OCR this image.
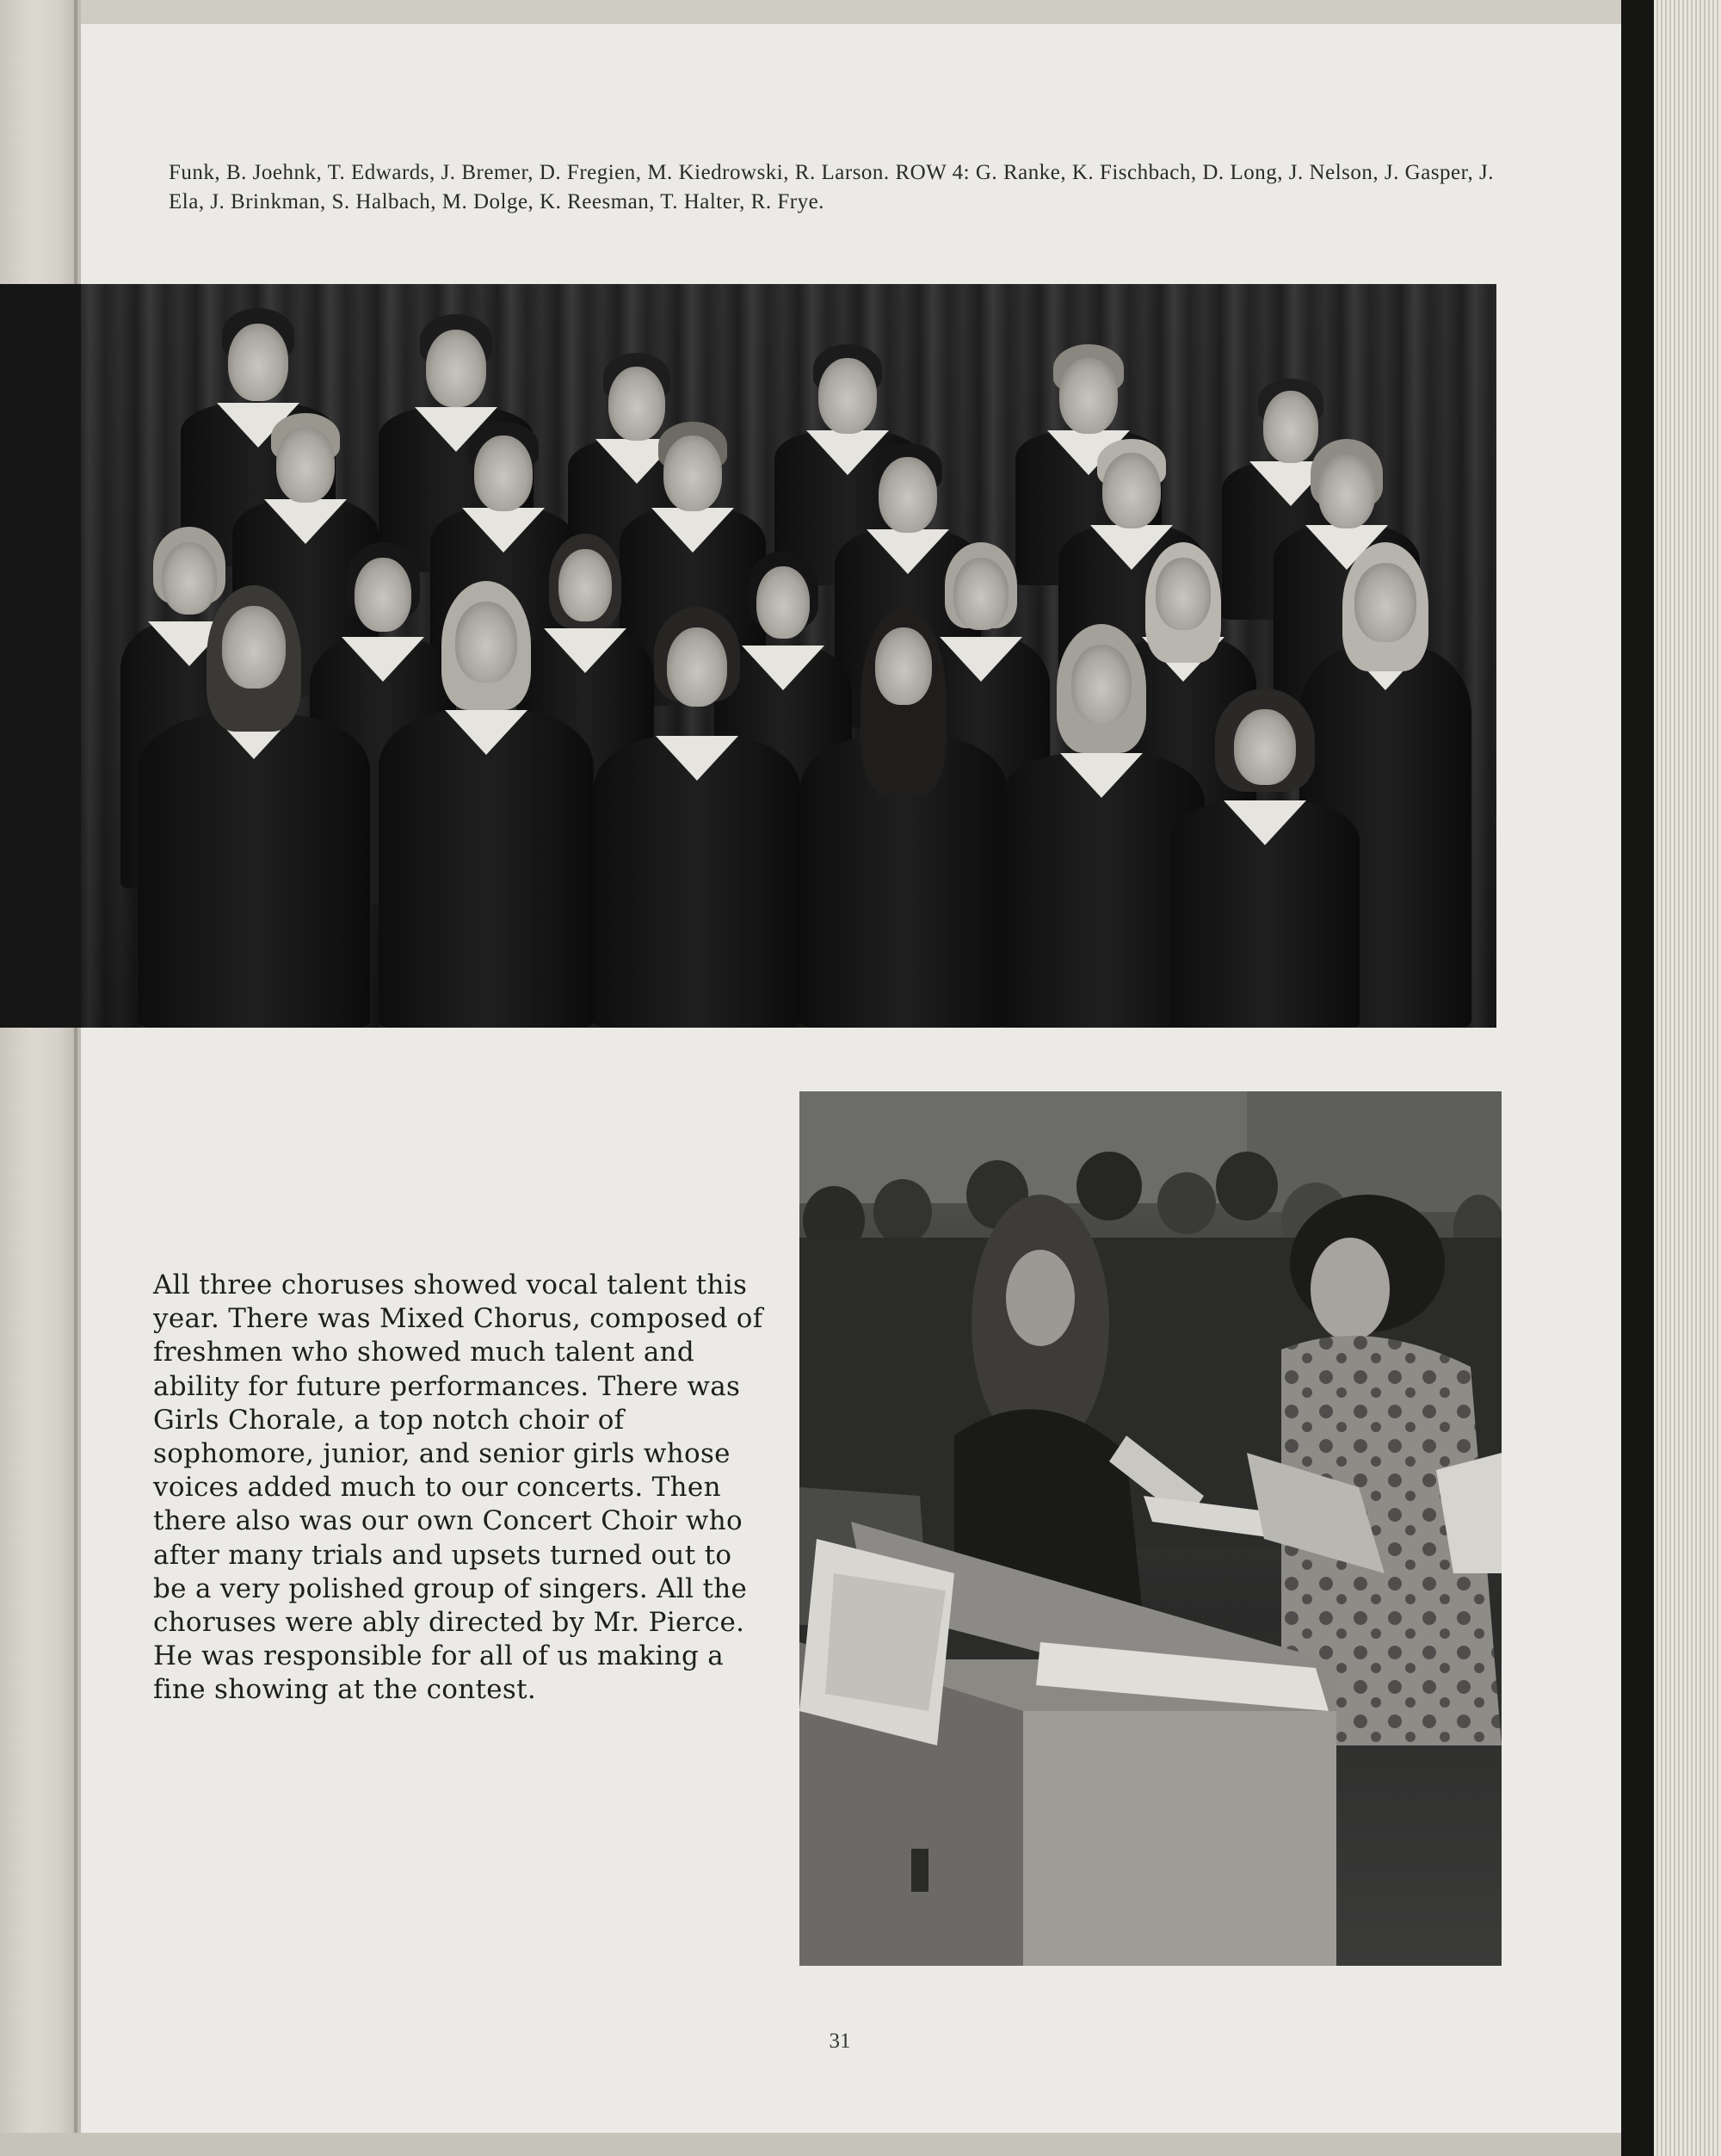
Funk, B. Joehnk, T. Edwards, J. Bremer, D. Fregien, M. Kiedrowski, R. Larson. ROW 4: G. Ranke, K. Fischbach, D. Long, J. Nelson, J. Gasper, J. Ela, J. Brinkman, S. Halbach, M. Dolge, K. Reesman, T. Halter, R. Frye.

All three choruses showed vocal talent this year. There was Mixed Chorus, composed of freshmen who showed much talent and ability for future performances. There was Girls Chorale, a top notch choir of sophomore, junior, and senior girls whose voices added much to our concerts. Then there also was our own Concert Choir who after many trials and upsets turned out to be a very polished group of singers. All the choruses were ably directed by Mr. Pierce. He was responsible for all of us making a fine showing at the contest.

31
